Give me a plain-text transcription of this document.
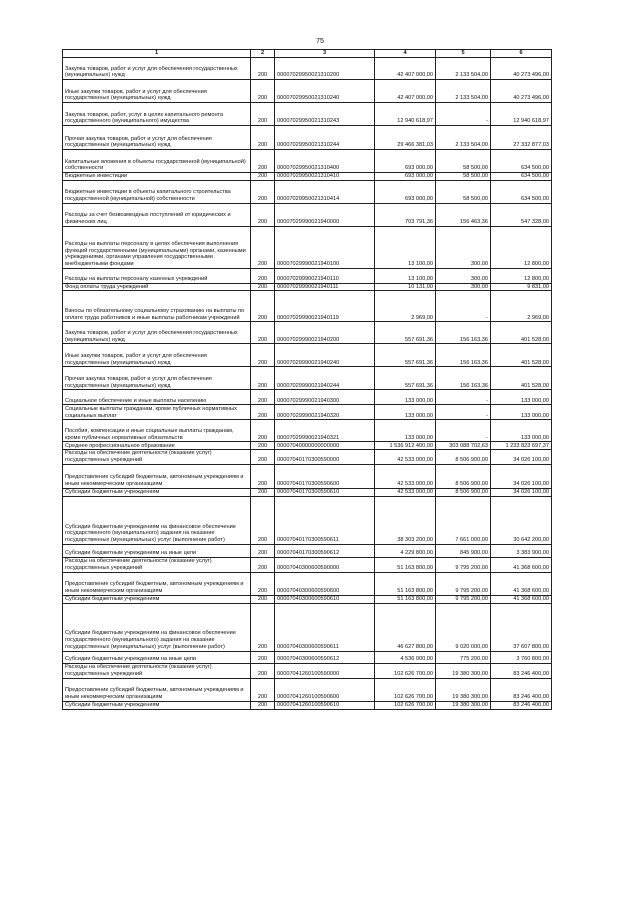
75
1	2	3	4	5	6
Закупка товаров, работ и услуг для обеспечения государственных (муниципальных) нужд	200	00007029950021310200	42 407 000,00	2 133 504,00	40 273 496,00
Иные закупки товаров, работ и услуг для обеспечения государственных (муниципальных) нужд	200	00007029950021310240	42 407 000,00	2 133 504,00	40 273 496,00
Закупка товаров, работ, услуг в целях капитального ремонта государственного (муниципального) имущества	200	00007029950021310243	12 940 618,97	-	12 940 618,97
Прочая закупка товаров, работ и услуг для обеспечения государственных (муниципальных) нужд	200	00007029950021310244	29 466 381,03	2 133 504,00	27 332 877,03
Капитальные вложения в объекты государственной (муниципальной) собственности	200	00007029950021310400	693 000,00	58 500,00	634 500,00
Бюджетные инвестиции	200	00007029950021310410	693 000,00	58 500,00	634 500,00
Бюджетные инвестиции в объекты капитального строительства государственной (муниципальной) собственности	200	00007029950021310414	693 000,00	58 500,00	634 500,00
Расходы за счет безвозмездных поступлений от юридических и физических лиц	200	00007029990021940000	703 791,36	156 463,36	547 328,00
Расходы на выплаты персоналу в целях обеспечения выполнения функций государственными (муниципальными) органами, казенными учреждениями, органами управления государственными внебюджетными фондами	200	00007029990021940100	13 100,00	300,00	12 800,00
Расходы на выплаты персоналу казенных учреждений	200	00007029990021940110	13 100,00	300,00	12 800,00
Фонд оплаты труда учреждений	200	00007029990021940111	10 131,00	300,00	9 831,00
Взносы по обязательному социальному страхованию на выплаты по оплате труда работников и иные выплаты работникам учреждений	200	00007029990021940119	2 969,00	-	2 969,00
Закупка товаров, работ и услуг для обеспечения государственных (муниципальных) нужд	200	00007029990021940200	557 691,36	156 163,36	401 528,00
Иные закупки товаров, работ и услуг для обеспечения государственных (муниципальных) нужд	200	00007029990021940240	557 691,36	156 163,36	401 528,00
Прочая закупка товаров, работ и услуг для обеспечения государственных (муниципальных) нужд	200	00007029990021940244	557 691,36	156 163,36	401 528,00
Социальное обеспечение и иные выплаты населению	200	00007029990021940300	133 000,00	-	133 000,00
Социальные выплаты гражданам, кроме публичных нормативных социальных выплат	200	00007029990021940320	133 000,00	-	133 000,00
Пособия, компенсации и иные социальные выплаты гражданам, кроме публичных нормативных обязательств	200	00007029990021940321	133 000,00	-	133 000,00
Среднее профессиональное образование	200	00007040000000000000	1 536 912 400,00	303 088 702,63	1 233 823 697,37
Расходы на обеспечение деятельности (оказание услуг) государственных учреждений	200	00007040170300590000	42 533 000,00	8 506 900,00	34 026 100,00
Предоставление субсидий бюджетным, автономным учреждениям и иным некоммерческим организациям	200	00007040170300590600	42 533 000,00	8 506 900,00	34 026 100,00
Субсидии бюджетным учреждениям	200	00007040170300590610	42 533 000,00	8 506 900,00	34 026 100,00
Субсидии бюджетным учреждениям на финансовое обеспечение государственного (муниципального) задания на оказание государственных (муниципальных) услуг (выполнение работ)	200	00007040170300590611	38 303 200,00	7 661 000,00	30 642 200,00
Субсидии бюджетным учреждениям на иные цели	200	00007040170300590612	4 229 800,00	845 900,00	3 383 900,00
Расходы на обеспечение деятельности (оказание услуг) государственных учреждений	200	00007040300600590000	51 163 800,00	9 795 200,00	41 368 600,00
Предоставление субсидий бюджетным, автономным учреждениям и иным некоммерческим организациям	200	00007040300600590600	51 163 800,00	9 795 200,00	41 368 600,00
Субсидии бюджетным учреждениям	200	00007040300600590610	51 163 800,00	9 795 200,00	41 368 600,00
Субсидии бюджетным учреждениям на финансовое обеспечение государственного (муниципального) задания на оказание государственных (муниципальных) услуг (выполнение работ)	200	00007040300600590611	46 627 800,00	9 020 000,00	37 607 800,00
Субсидии бюджетным учреждениям на иные цели	200	00007040300600590612	4 536 000,00	775 200,00	3 760 800,00
Расходы на обеспечение деятельности (оказание услуг) государственных учреждений	200	00007041260100590000	102 626 700,00	19 380 300,00	83 246 400,00
Предоставление субсидий бюджетным, автономным учреждениям и иным некоммерческим организациям	200	00007041260100590600	102 626 700,00	19 380 300,00	83 246 400,00
Субсидии бюджетным учреждениям	200	00007041260100590610	102 626 700,00	19 380 300,00	83 246 400,00
